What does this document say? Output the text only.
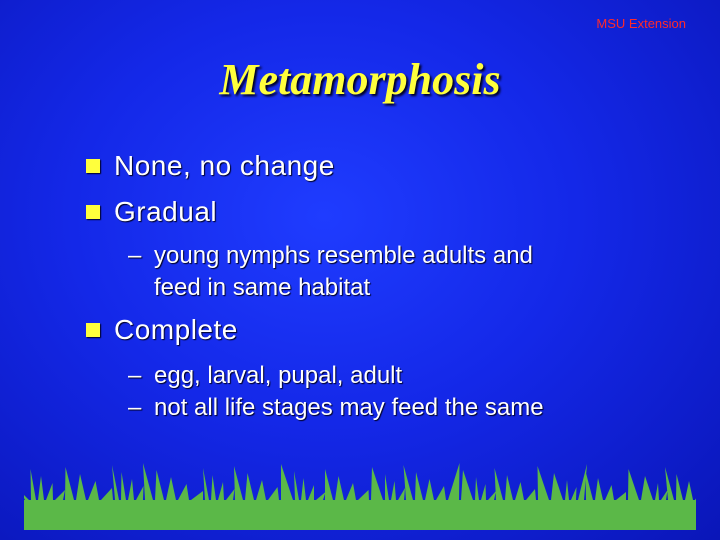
MSU Extension
Metamorphosis
None, no change
Gradual
– young nymphs resemble adults and
feed in same habitat
Complete
– egg, larval, pupal, adult
– not all life stages may feed the same
